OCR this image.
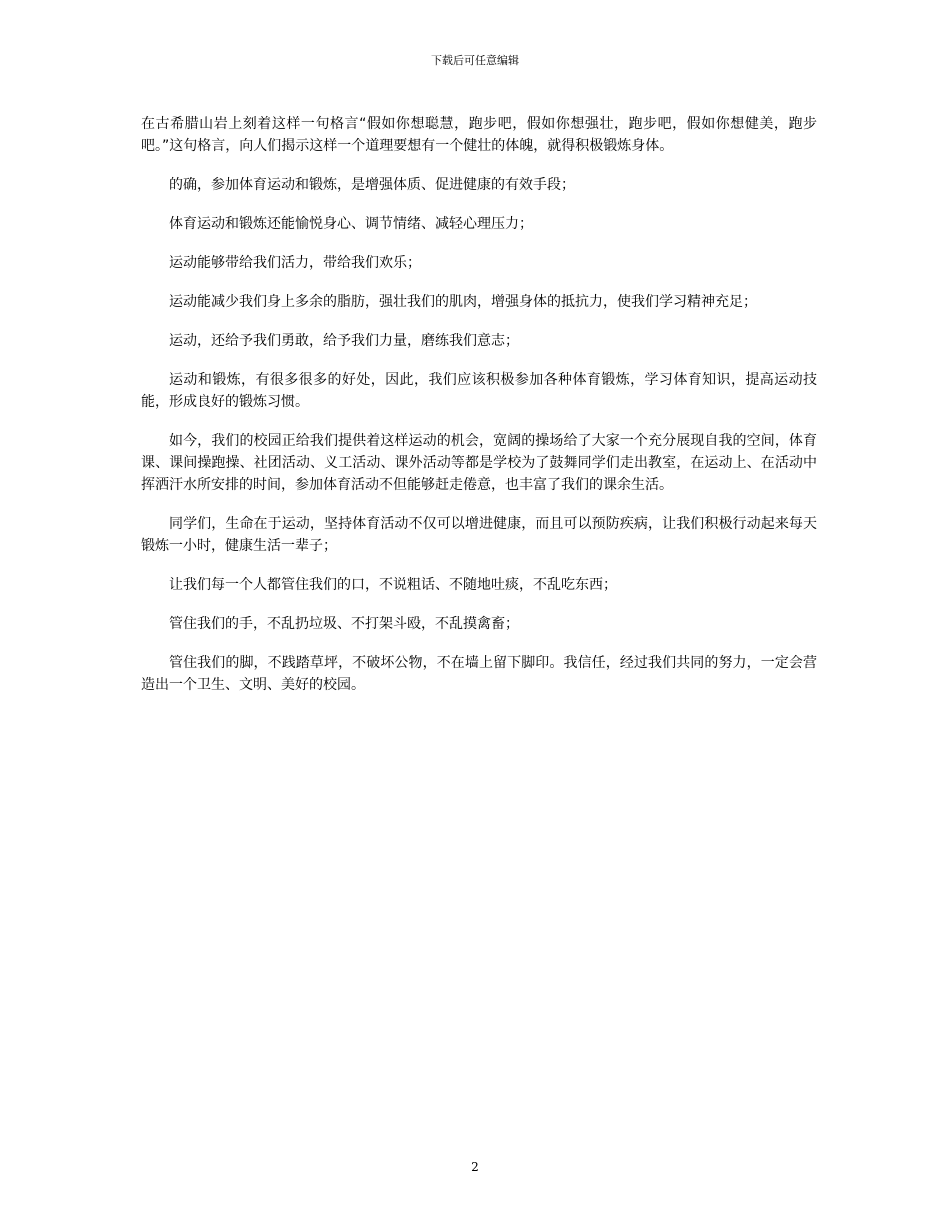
下载后可任意编辑

在古希腊山岩上刻着这样一句格言“假如你想聪慧，跑步吧，假如你想强壮，跑步吧，假如你想健美，跑步吧。”这句格言，向人们揭示这样一个道理要想有一个健壮的体魄，就得积极锻炼身体。

的确，参加体育运动和锻炼，是增强体质、促进健康的有效手段；

体育运动和锻炼还能愉悦身心、调节情绪、减轻心理压力；

运动能够带给我们活力，带给我们欢乐；

运动能减少我们身上多余的脂肪，强壮我们的肌肉，增强身体的抵抗力，使我们学习精神充足；

运动，还给予我们勇敢，给予我们力量，磨练我们意志；

运动和锻炼，有很多很多的好处，因此，我们应该积极参加各种体育锻炼，学习体育知识，提高运动技能，形成良好的锻炼习惯。

如今，我们的校园正给我们提供着这样运动的机会，宽阔的操场给了大家一个充分展现自我的空间，体育课、课间操跑操、社团活动、义工活动、课外活动等都是学校为了鼓舞同学们走出教室，在运动上、在活动中挥洒汗水所安排的时间，参加体育活动不但能够赶走倦意，也丰富了我们的课余生活。

同学们，生命在于运动，坚持体育活动不仅可以增进健康，而且可以预防疾病，让我们积极行动起来每天锻炼一小时，健康生活一辈子；

让我们每一个人都管住我们的口，不说粗话、不随地吐痰，不乱吃东西；

管住我们的手，不乱扔垃圾、不打架斗殴，不乱摸禽畜；

管住我们的脚，不践踏草坪，不破坏公物，不在墙上留下脚印。我信任，经过我们共同的努力，一定会营造出一个卫生、文明、美好的校园。

2
